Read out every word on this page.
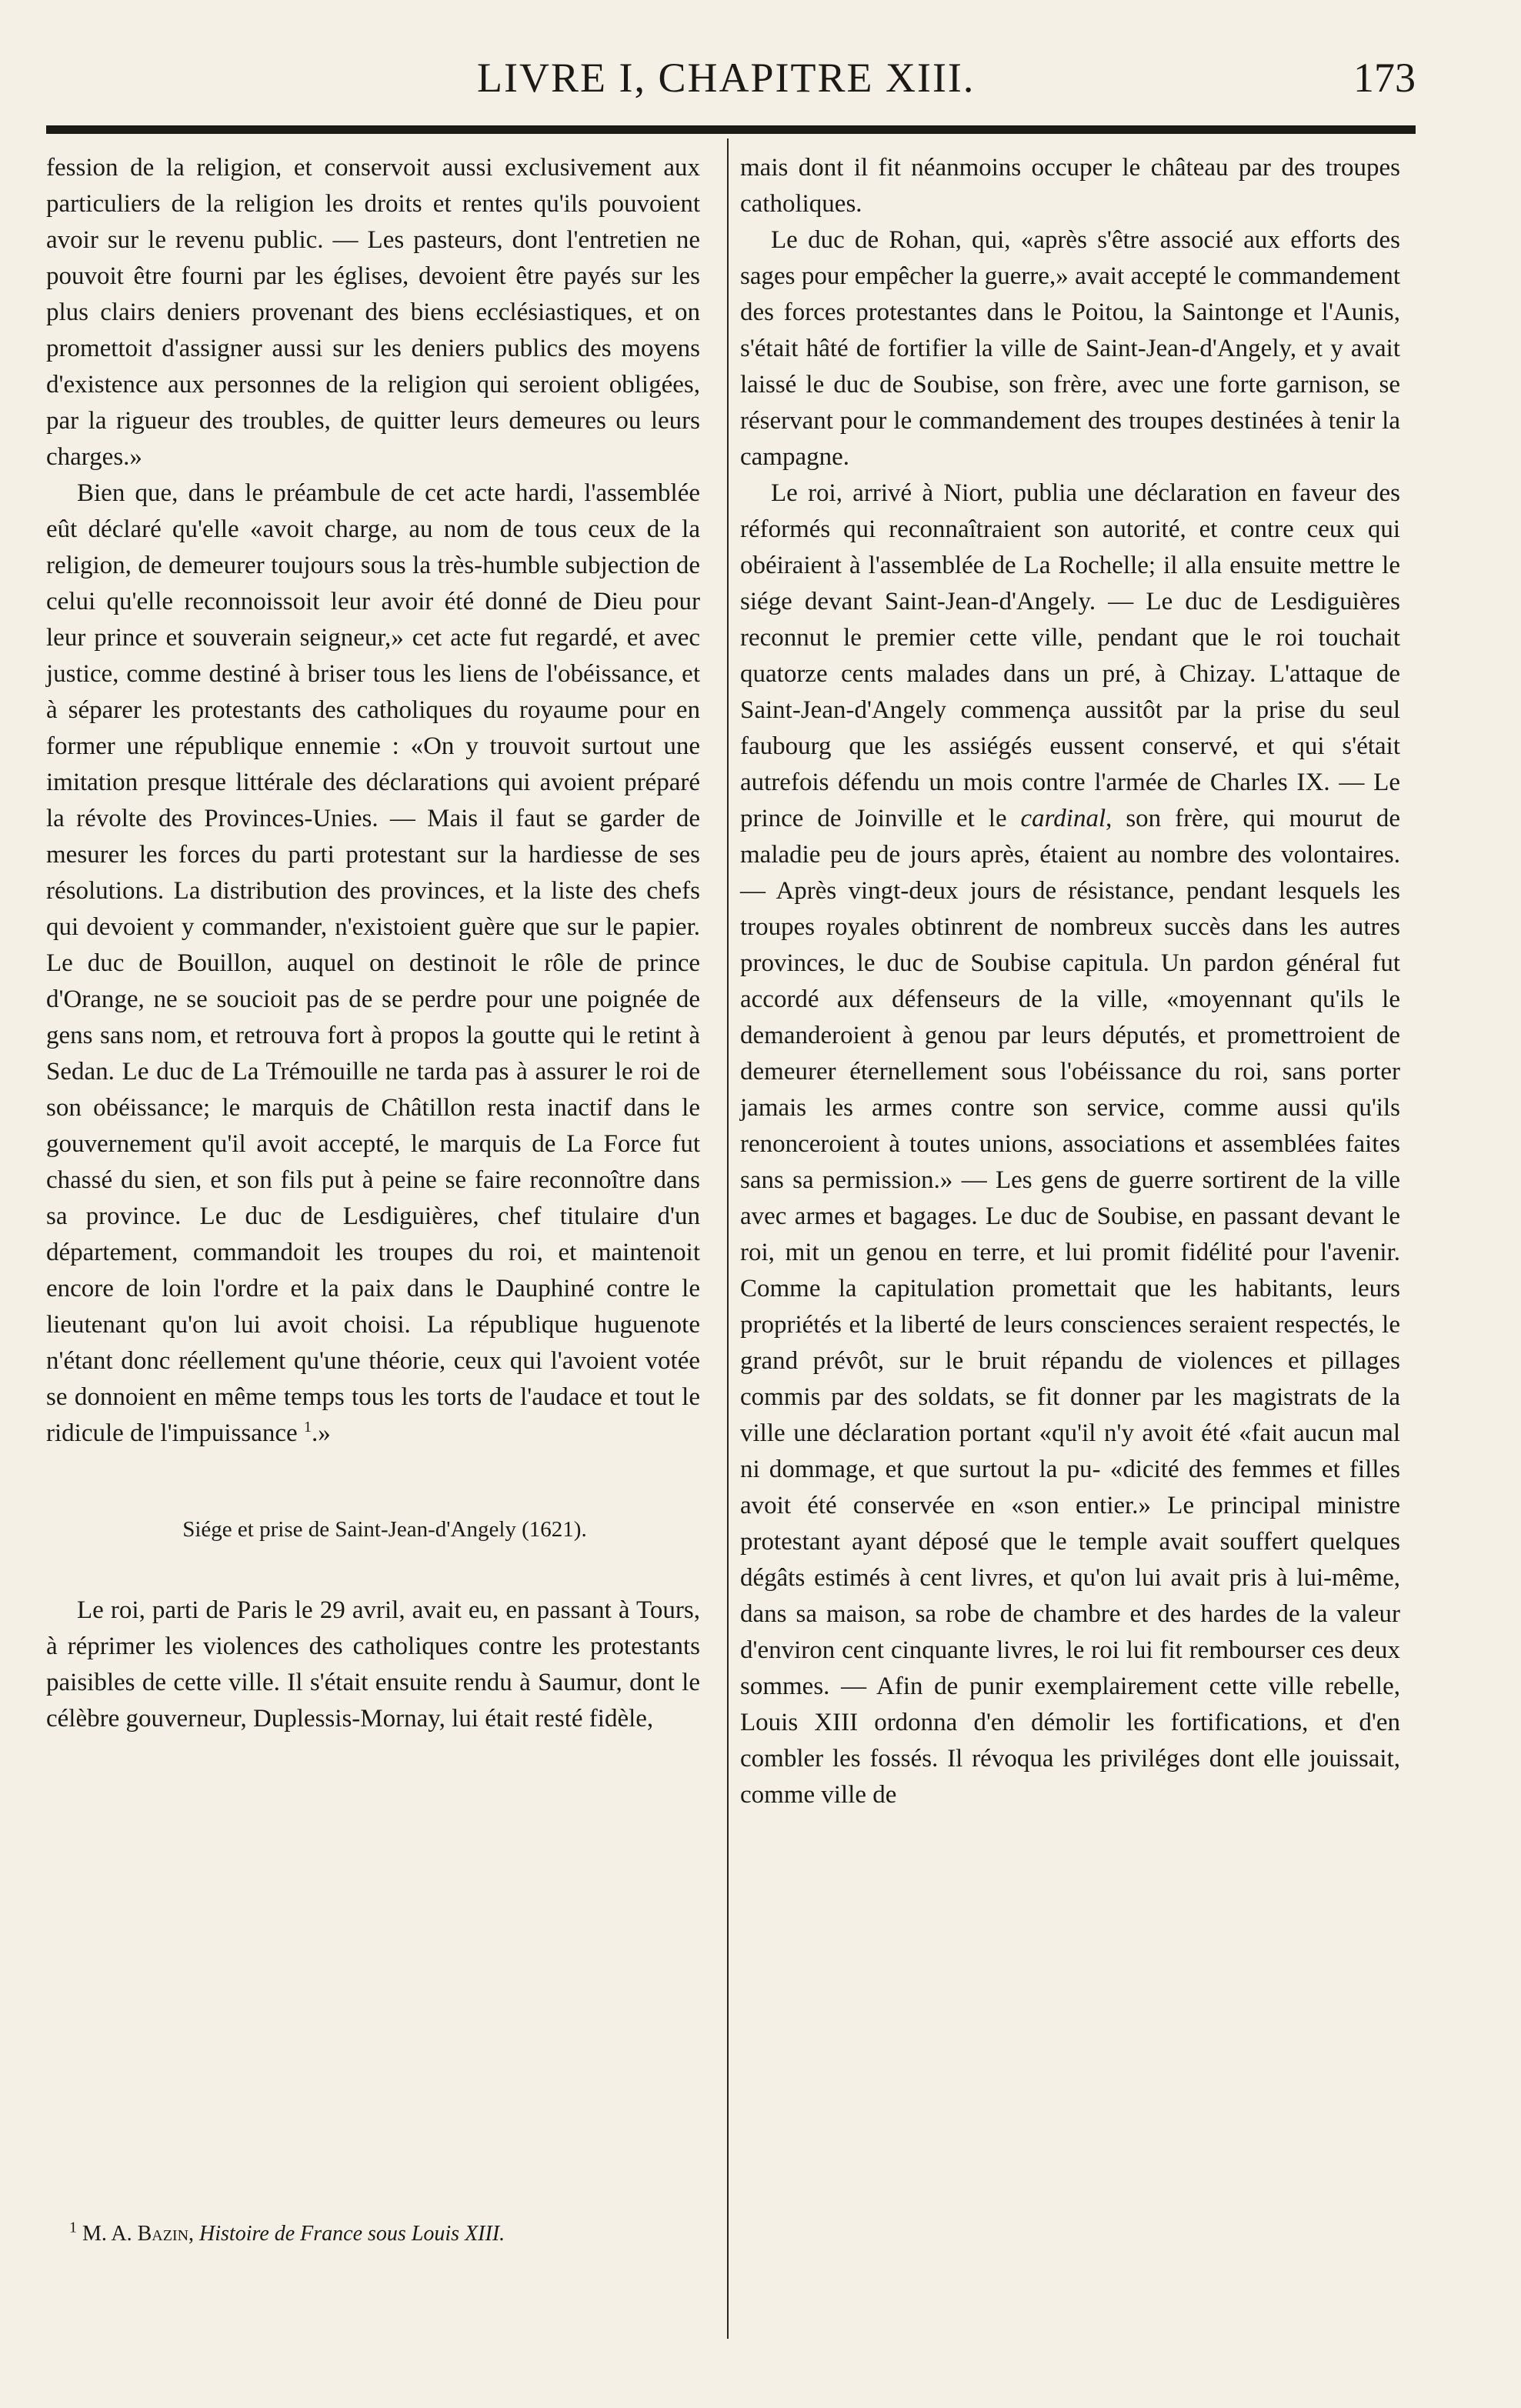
LIVRE I, CHAPITRE XIII.	173

fession de la religion, et conservoit aussi exclusivement aux particuliers de la religion les droits et rentes qu'ils pouvoient avoir sur le revenu public. — Les pasteurs, dont l'entretien ne pouvoit être fourni par les églises, devoient être payés sur les plus clairs deniers provenant des biens ecclésiastiques, et on promettoit d'assigner aussi sur les deniers publics des moyens d'existence aux personnes de la religion qui seroient obligées, par la rigueur des troubles, de quitter leurs demeures ou leurs charges.»

Bien que, dans le préambule de cet acte hardi, l'assemblée eût déclaré qu'elle «avoit charge, au nom de tous ceux de la religion, de demeurer toujours sous la très-humble subjection de celui qu'elle reconnoissoit leur avoir été donné de Dieu pour leur prince et souverain seigneur,» cet acte fut regardé, et avec justice, comme destiné à briser tous les liens de l'obéissance, et à séparer les protestants des catholiques du royaume pour en former une république ennemie : «On y trouvoit surtout une imitation presque littérale des déclarations qui avoient préparé la révolte des Provinces-Unies. — Mais il faut se garder de mesurer les forces du parti protestant sur la hardiesse de ses résolutions. La distribution des provinces, et la liste des chefs qui devoient y commander, n'existoient guère que sur le papier. Le duc de Bouillon, auquel on destinoit le rôle de prince d'Orange, ne se soucioit pas de se perdre pour une poignée de gens sans nom, et retrouva fort à propos la goutte qui le retint à Sedan. Le duc de La Trémouille ne tarda pas à assurer le roi de son obéissance; le marquis de Châtillon resta inactif dans le gouvernement qu'il avoit accepté, le marquis de La Force fut chassé du sien, et son fils put à peine se faire reconnoître dans sa province. Le duc de Lesdiguières, chef titulaire d'un département, commandoit les troupes du roi, et maintenoit encore de loin l'ordre et la paix dans le Dauphiné contre le lieutenant qu'on lui avoit choisi. La république huguenote n'étant donc réellement qu'une théorie, ceux qui l'avoient votée se donnoient en même temps tous les torts de l'audace et tout le ridicule de l'impuissance $^1$.»

Siége et prise de Saint-Jean-d'Angely (1621).

Le roi, parti de Paris le 29 avril, avait eu, en passant à Tours, à réprimer les violences des catholiques contre les protestants paisibles de cette ville. Il s'était ensuite rendu à Saumur, dont le célèbre gouverneur, Duplessis-Mornay, lui était resté fidèle,

mais dont il fit néanmoins occuper le château par des troupes catholiques.

Le duc de Rohan, qui, «après s'être associé aux efforts des sages pour empêcher la guerre,» avait accepté le commandement des forces protestantes dans le Poitou, la Saintonge et l'Aunis, s'était hâté de fortifier la ville de Saint-Jean-d'Angely, et y avait laissé le duc de Soubise, son frère, avec une forte garnison, se réservant pour le commandement des troupes destinées à tenir la campagne.

Le roi, arrivé à Niort, publia une déclaration en faveur des réformés qui reconnaîtraient son autorité, et contre ceux qui obéiraient à l'assemblée de La Rochelle; il alla ensuite mettre le siége devant Saint-Jean-d'Angely. — Le duc de Lesdiguières reconnut le premier cette ville, pendant que le roi touchait quatorze cents malades dans un pré, à Chizay. L'attaque de Saint-Jean-d'Angely commença aussitôt par la prise du seul faubourg que les assiégés eussent conservé, et qui s'était autrefois défendu un mois contre l'armée de Charles IX. — Le prince de Joinville et le cardinal, son frère, qui mourut de maladie peu de jours après, étaient au nombre des volontaires. — Après vingt-deux jours de résistance, pendant lesquels les troupes royales obtinrent de nombreux succès dans les autres provinces, le duc de Soubise capitula. Un pardon général fut accordé aux défenseurs de la ville, «moyennant qu'ils le demanderoient à genou par leurs députés, et promettroient de demeurer éternellement sous l'obéissance du roi, sans porter jamais les armes contre son service, comme aussi qu'ils renonceroient à toutes unions, associations et assemblées faites sans sa permission.» — Les gens de guerre sortirent de la ville avec armes et bagages. Le duc de Soubise, en passant devant le roi, mit un genou en terre, et lui promit fidélité pour l'avenir. Comme la capitulation promettait que les habitants, leurs propriétés et la liberté de leurs consciences seraient respectés, le grand prévôt, sur le bruit répandu de violences et pillages commis par des soldats, se fit donner par les magistrats de la ville une déclaration portant «qu'il n'y avoit été «fait aucun mal ni dommage, et que surtout la pu- «dicité des femmes et filles avoit été conservée en «son entier.» Le principal ministre protestant ayant déposé que le temple avait souffert quelques dégâts estimés à cent livres, et qu'on lui avait pris à lui-même, dans sa maison, sa robe de chambre et des hardes de la valeur d'environ cent cinquante livres, le roi lui fit rembourser ces deux sommes. — Afin de punir exemplairement cette ville rebelle, Louis XIII ordonna d'en démolir les fortifications, et d'en combler les fossés. Il révoqua les priviléges dont elle jouissait, comme ville de

$^1$ M. A. Bazin, Histoire de France sous Louis XIII.
